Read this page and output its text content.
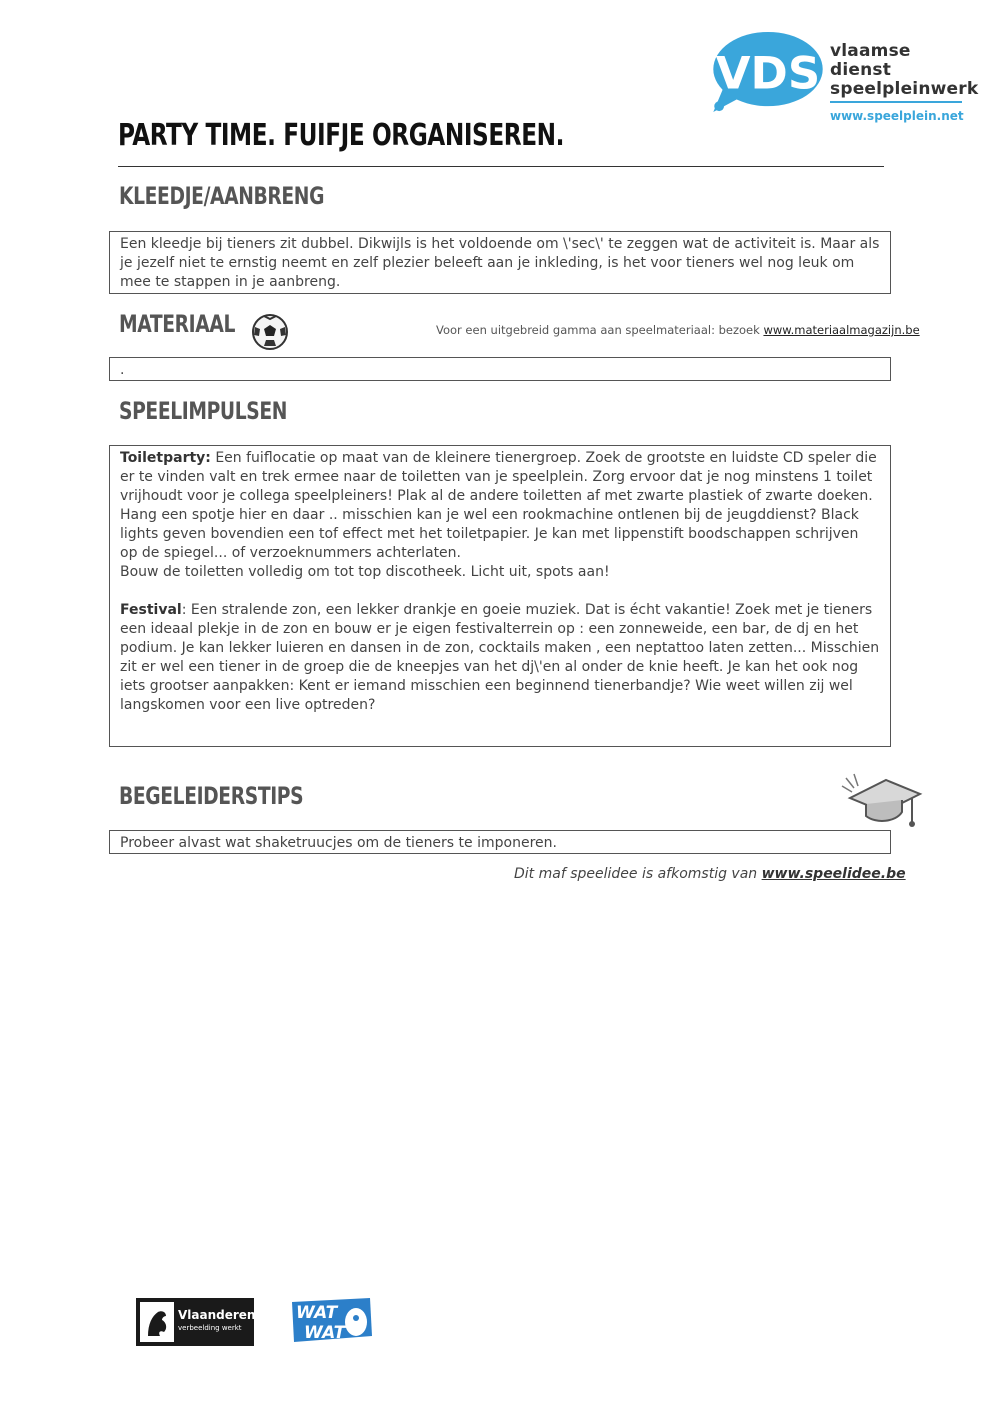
VDS vlaamse dienst
speelpleinwerk
www.speelplein.net
PARTY TIME. FUIFJE ORGANISEREN.
KLEEDJE/AANBRENG

Een kleedje bij tieners zit dubbel. Dikwijls is het voldoende om \'sec\' te zeggen wat de activiteit is. Maar als je jezelf niet te ernstig neemt en zelf plezier beleeft aan je inkleding, is het voor tieners wel nog leuk om mee te stappen in je aanbreng.

MATERIAAL	Voor een uitgebreid gamma aan speelmateriaal: bezoek www.materiaalmagazijn.be

.

SPEELIMPULSEN

Toiletparty: Een fuiflocatie op maat van de kleinere tienergroep. Zoek de grootste en luidste CD speler die er te vinden valt en trek ermee naar de toiletten van je speelplein. Zorg ervoor dat je nog minstens 1 toilet vrijhoudt voor je collega speelpleiners! Plak al de andere toiletten af met zwarte plastiek of zwarte doeken. Hang een spotje hier en daar .. misschien kan je wel een rookmachine ontlenen bij de jeugddienst? Black lights geven bovendien een tof effect met het toiletpapier. Je kan met lippenstift boodschappen schrijven op de spiegel... of verzoeknummers achterlaten.

Bouw de toiletten volledig om tot top discotheek. Licht uit, spots aan!

Festival: Een stralende zon, een lekker drankje en goeie muziek. Dat is écht vakantie! Zoek met je tieners een ideaal plekje in de zon en bouw er je eigen festivalterrein op : een zonneweide, een bar, de dj en het podium. Je kan lekker luieren en dansen in de zon, cocktails maken , een neptattoo laten zetten... Misschien zit er wel een tiener in de groep die de kneepjes van het dj\'en al onder de knie heeft. Je kan het ook nog iets grootser aanpakken: Kent er iemand misschien een beginnend tienerbandje? Wie weet willen zij wel langskomen voor een live optreden?

BEGELEIDERSTIPS

Probeer alvast wat shaketruucjes om de tieners te imponeren.

Dit maf speelidee is afkomstig van www.speelidee.be
Vlaanderen
verbeelding werkt
WAT
WAT
